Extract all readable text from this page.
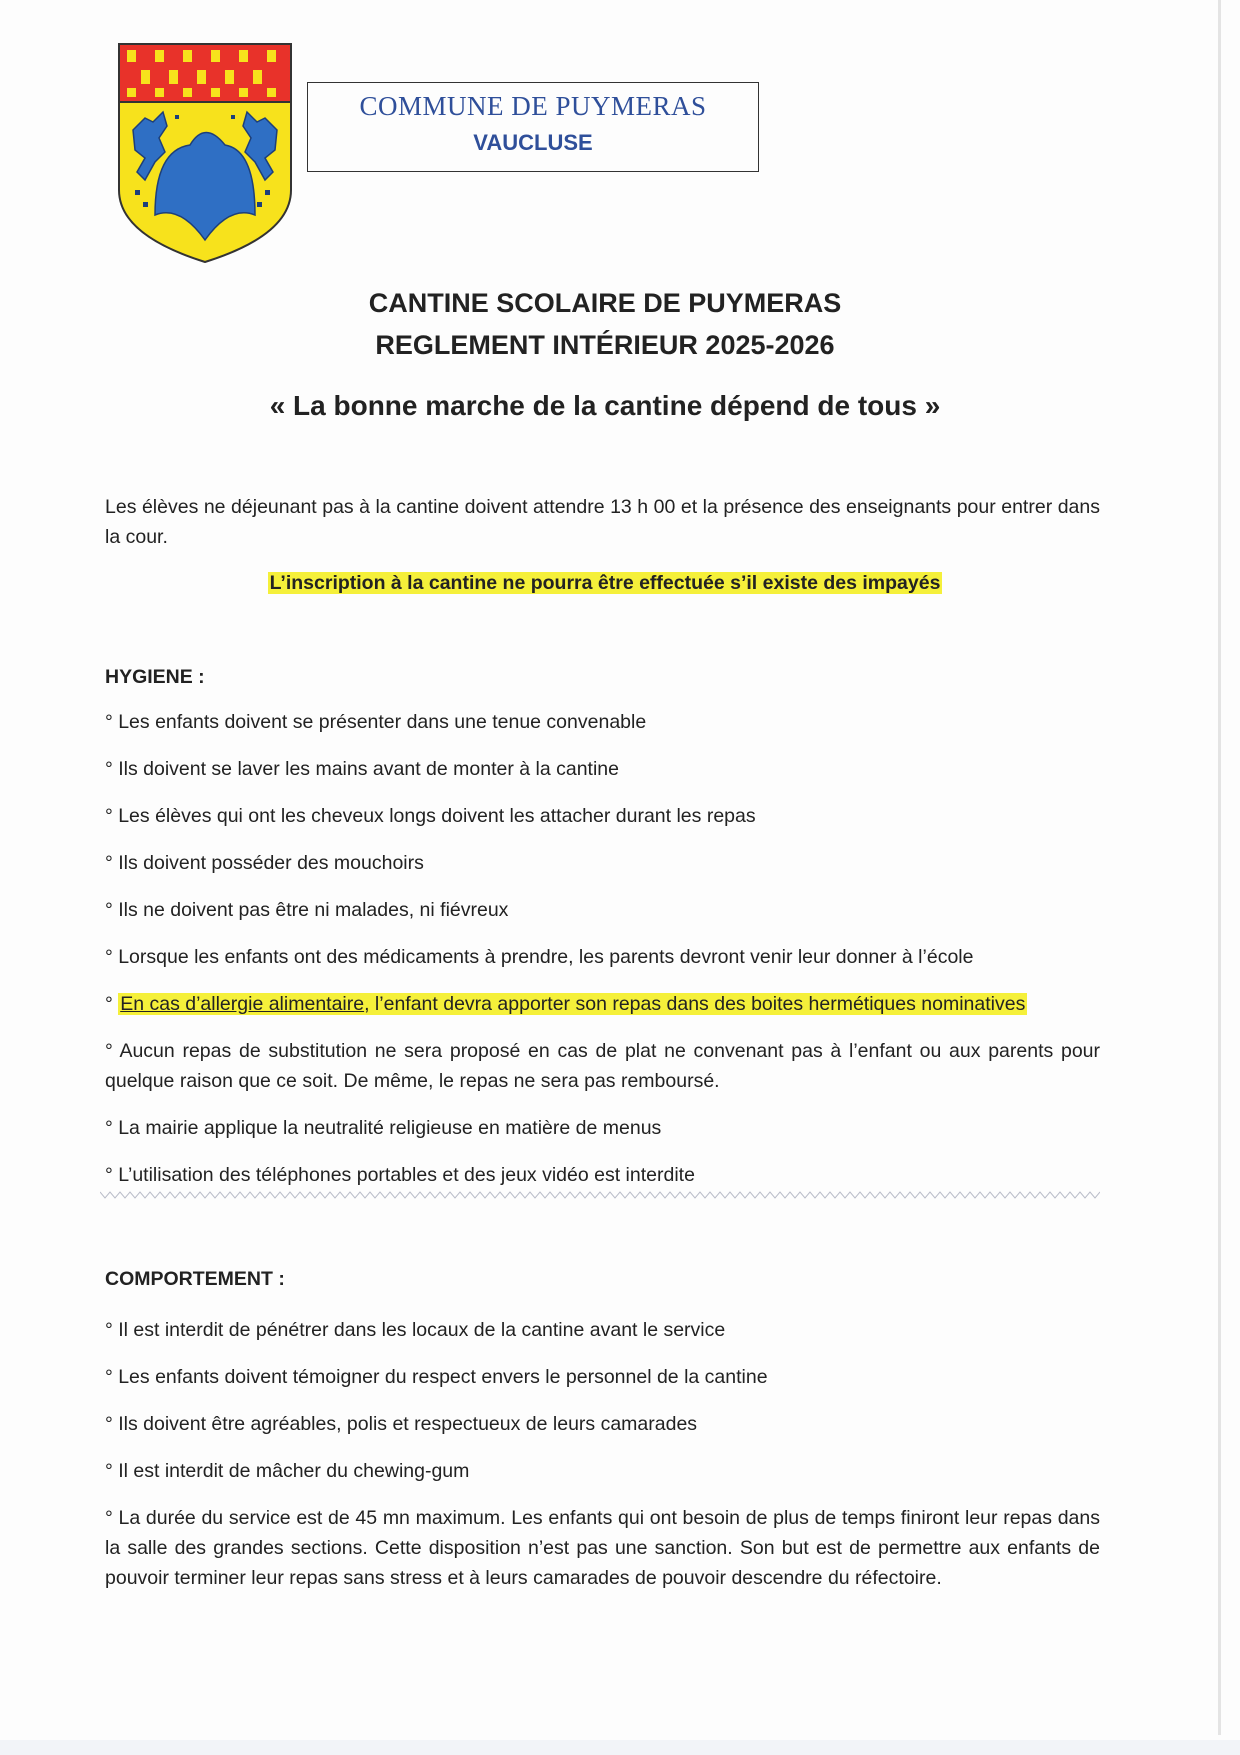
COMMUNE DE PUYMERAS
VAUCLUSE
CANTINE SCOLAIRE DE PUYMERAS
REGLEMENT INTÉRIEUR 2025-2026
« La bonne marche de la cantine dépend de tous »
Les élèves ne déjeunant pas à la cantine doivent attendre 13 h 00 et la présence des enseignants pour entrer dans la cour.
L’inscription à la cantine ne pourra être effectuée s’il existe des impayés
HYGIENE :
° Les enfants doivent se présenter dans une tenue convenable
° Ils doivent se laver les mains avant de monter à la cantine
° Les élèves qui ont les cheveux longs doivent les attacher durant les repas
° Ils doivent posséder des mouchoirs
° Ils ne doivent pas être ni malades, ni fiévreux
° Lorsque les enfants ont des médicaments à prendre, les parents devront venir leur donner à l’école
° En cas d’allergie alimentaire, l’enfant devra apporter son repas dans des boites hermétiques nominatives
° Aucun repas de substitution ne sera proposé en cas de plat ne convenant pas à l’enfant ou aux parents pour quelque raison que ce soit. De même, le repas ne sera pas remboursé.
° La mairie applique la neutralité religieuse en matière de menus
° L’utilisation des téléphones portables et des jeux vidéo est interdite
COMPORTEMENT :
° Il est interdit de pénétrer dans les locaux de la cantine avant le service
° Les enfants doivent témoigner du respect envers le personnel de la cantine
° Ils doivent être agréables, polis et respectueux de leurs camarades
° Il est interdit de mâcher du chewing-gum
° La durée du service est de 45 mn maximum. Les enfants qui ont besoin de plus de temps finiront leur repas dans la salle des grandes sections. Cette disposition n’est pas une sanction. Son but est de permettre aux enfants de pouvoir terminer leur repas sans stress et à leurs camarades de pouvoir descendre du réfectoire.
